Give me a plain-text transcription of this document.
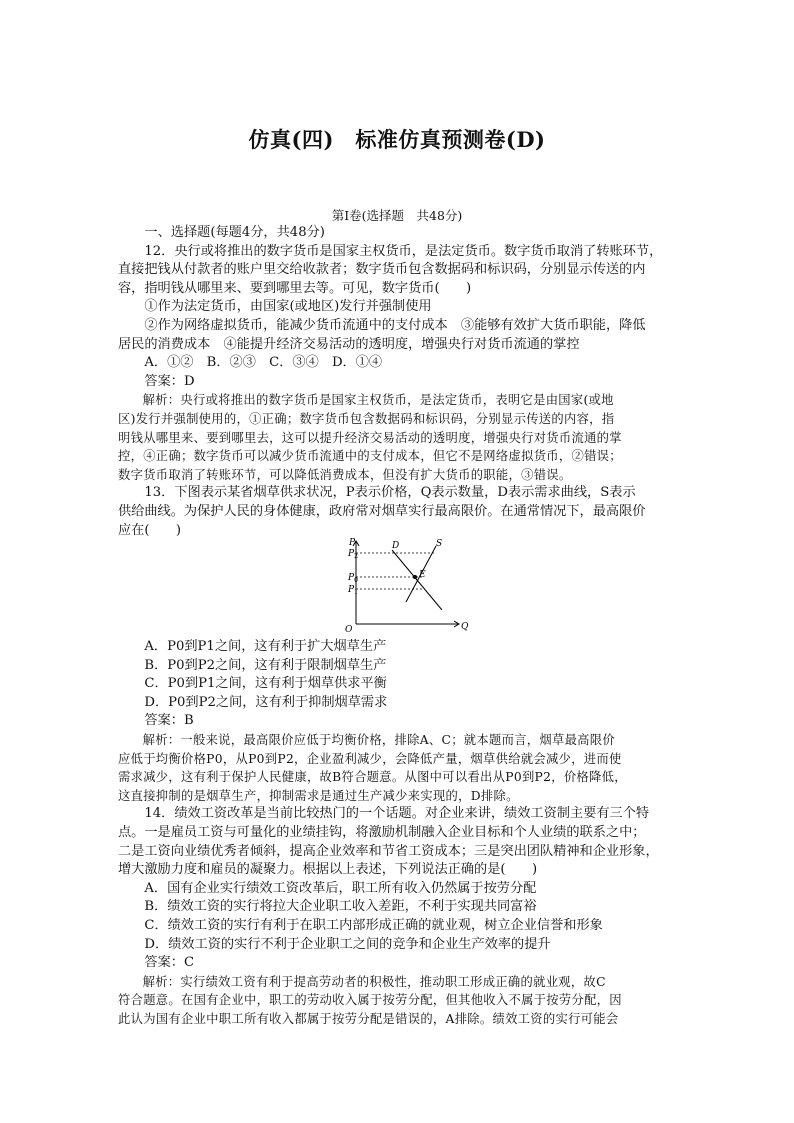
仿真(四)　标准仿真预测卷(D)
第Ⅰ卷(选择题　共48分)

一、选择题(每题4分，共48分)

12．央行或将推出的数字货币是国家主权货币，是法定货币。数字货币取消了转账环节，

直接把钱从付款者的账户里交给收款者；数字货币包含数据码和标识码，分别显示传送的内

容，指明钱从哪里来、要到哪里去等。可见，数字货币(　　)

①作为法定货币，由国家(或地区)发行并强制使用

②作为网络虚拟货币，能减少货币流通中的支付成本　③能够有效扩大货币职能，降低

居民的消费成本　④能提升经济交易活动的透明度，增强央行对货币流通的掌控

A．①②　B．②③　C．③④　D．①④

答案：D

解析：央行或将推出的数字货币是国家主权货币，是法定货币，表明它是由国家(或地

区)发行并强制使用的，①正确；数字货币包含数据码和标识码，分别显示传送的内容，指

明钱从哪里来、要到哪里去，这可以提升经济交易活动的透明度，增强央行对货币流通的掌

控，④正确；数字货币可以减少货币流通中的支付成本，但它不是网络虚拟货币，②错误；

数字货币取消了转账环节，可以降低消费成本，但没有扩大货币的职能，③错误。

13．下图表示某省烟草供求状况，P表示价格，Q表示数量，D表示需求曲线，S表示

供给曲线。为保护人民的身体健康，政府常对烟草实行最高限价。在通常情况下，最高限价

应在(　　)

P
$P_2$
$P_0$
$P_1$
D	S
E
O	Q

A．P0到P1之间，这有利于扩大烟草生产

B．P0到P2之间，这有利于限制烟草生产

C．P0到P1之间，这有利于烟草供求平衡

D．P0到P2之间，这有利于抑制烟草需求

答案：B

解析：一般来说，最高限价应低于均衡价格，排除A、C；就本题而言，烟草最高限价

应低于均衡价格P0，从P0到P2，企业盈利减少，会降低产量，烟草供给就会减少，进而使

需求减少，这有利于保护人民健康，故B符合题意。从图中可以看出从P0到P2，价格降低，

这直接抑制的是烟草生产，抑制需求是通过生产减少来实现的，D排除。

14．绩效工资改革是当前比较热门的一个话题。对企业来讲，绩效工资制主要有三个特

点。一是雇员工资与可量化的业绩挂钩，将激励机制融入企业目标和个人业绩的联系之中；

二是工资向业绩优秀者倾斜，提高企业效率和节省工资成本；三是突出团队精神和企业形象，

增大激励力度和雇员的凝聚力。根据以上表述，下列说法正确的是(　　)

A．国有企业实行绩效工资改革后，职工所有收入仍然属于按劳分配

B．绩效工资的实行将拉大企业职工收入差距，不利于实现共同富裕

C．绩效工资的实行有利于在职工内部形成正确的就业观，树立企业信誉和形象

D．绩效工资的实行不利于企业职工之间的竞争和企业生产效率的提升

答案：C

解析：实行绩效工资有利于提高劳动者的积极性，推动职工形成正确的就业观，故C

符合题意。在国有企业中，职工的劳动收入属于按劳分配，但其他收入不属于按劳分配，因

此认为国有企业中职工所有收入都属于按劳分配是错误的，A排除。绩效工资的实行可能会
